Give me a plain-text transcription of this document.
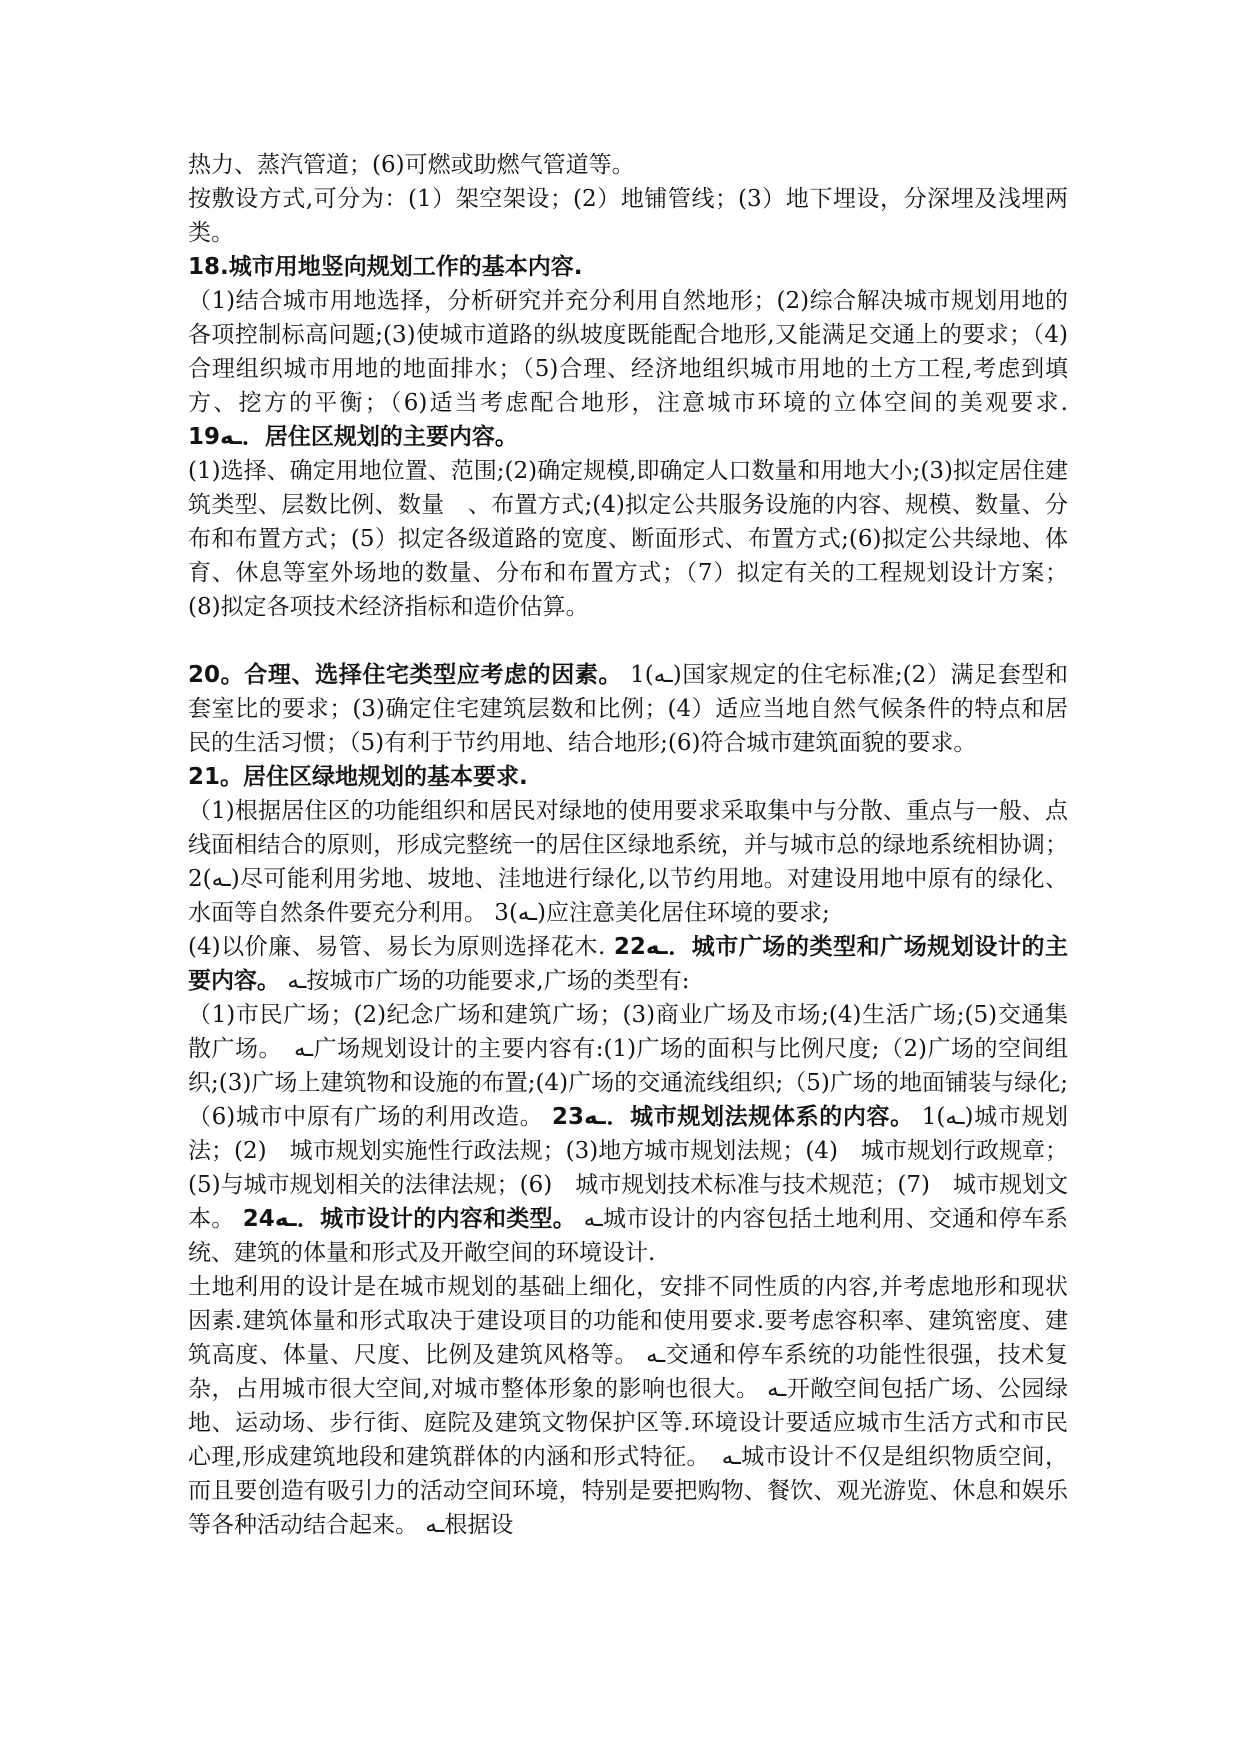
热力、蒸汽管道；(6)可燃或助燃气管道等。

按敷设方式,可分为：(1）架空架设；(2）地铺管线；(3）地下埋设，分深埋及浅埋两类。

18.城市用地竖向规划工作的基本内容.

（1)结合城市用地选择，分析研究并充分利用自然地形；(2)综合解决城市规划用地的各项控制标高问题;(3)使城市道路的纵坡度既能配合地形,又能满足交通上的要求；（4)合理组织城市用地的地面排水；（5)合理、经济地组织城市用地的土方工程,考虑到填方、挖方的平衡；（6)适当考虑配合地形，注意城市环境的立体空间的美观要求. 19ـه．居住区规划的主要内容。

(1)选择、确定用地位置、范围;(2)确定规模,即确定人口数量和用地大小;(3)拟定居住建筑类型、层数比例、数量　、布置方式;(4)拟定公共服务设施的内容、规模、数量、分布和布置方式；(5）拟定各级道路的宽度、断面形式、布置方式;(6)拟定公共绿地、体育、休息等室外场地的数量、分布和布置方式；（7）拟定有关的工程规划设计方案；(8)拟定各项技术经济指标和造价估算。

20。合理、选择住宅类型应考虑的因素。 1(ـه)国家规定的住宅标准;(2）满足套型和套室比的要求；(3)确定住宅建筑层数和比例；(4）适应当地自然气候条件的特点和居民的生活习惯；（5)有利于节约用地、结合地形;(6)符合城市建筑面貌的要求。

21。居住区绿地规划的基本要求.

（1)根据居住区的功能组织和居民对绿地的使用要求采取集中与分散、重点与一般、点线面相结合的原则，形成完整统一的居住区绿地系统，并与城市总的绿地系统相协调；2(ـه)尽可能利用劣地、坡地、洼地进行绿化,以节约用地。对建设用地中原有的绿化、水面等自然条件要充分利用。 3(ـه)应注意美化居住环境的要求;

(4)以价廉、易管、易长为原则选择花木. 22ـه．城市广场的类型和广场规划设计的主要内容。 ـه按城市广场的功能要求,广场的类型有:

（1)市民广场；(2)纪念广场和建筑广场；(3)商业广场及市场;(4)生活广场;(5)交通集散广场。　ـه广场规划设计的主要内容有:(1)广场的面积与比例尺度;（2)广场的空间组织;(3)广场上建筑物和设施的布置;(4)广场的交通流线组织;（5)广场的地面铺装与绿化;（6)城市中原有广场的利用改造。 23ـه．城市规划法规体系的内容。 1(ـه)城市规划法；(2)　城市规划实施性行政法规；(3)地方城市规划法规；(4)　城市规划行政规章；(5)与城市规划相关的法律法规；(6)　城市规划技术标准与技术规范；(7)　城市规划文本。 24ـه．城市设计的内容和类型。 ـه城市设计的内容包括土地利用、交通和停车系统、建筑的体量和形式及开敞空间的环境设计.

土地利用的设计是在城市规划的基础上细化，安排不同性质的内容,并考虑地形和现状因素.建筑体量和形式取决于建设项目的功能和使用要求.要考虑容积率、建筑密度、建筑高度、体量、尺度、比例及建筑风格等。 ـه交通和停车系统的功能性很强，技术复杂，占用城市很大空间,对城市整体形象的影响也很大。 ـه开敞空间包括广场、公园绿地、运动场、步行街、庭院及建筑文物保护区等.环境设计要适应城市生活方式和市民心理,形成建筑地段和建筑群体的内涵和形式特征。　ـه城市设计不仅是组织物质空间，而且要创造有吸引力的活动空间环境，特别是要把购物、餐饮、观光游览、休息和娱乐等各种活动结合起来。 ـه根据设
